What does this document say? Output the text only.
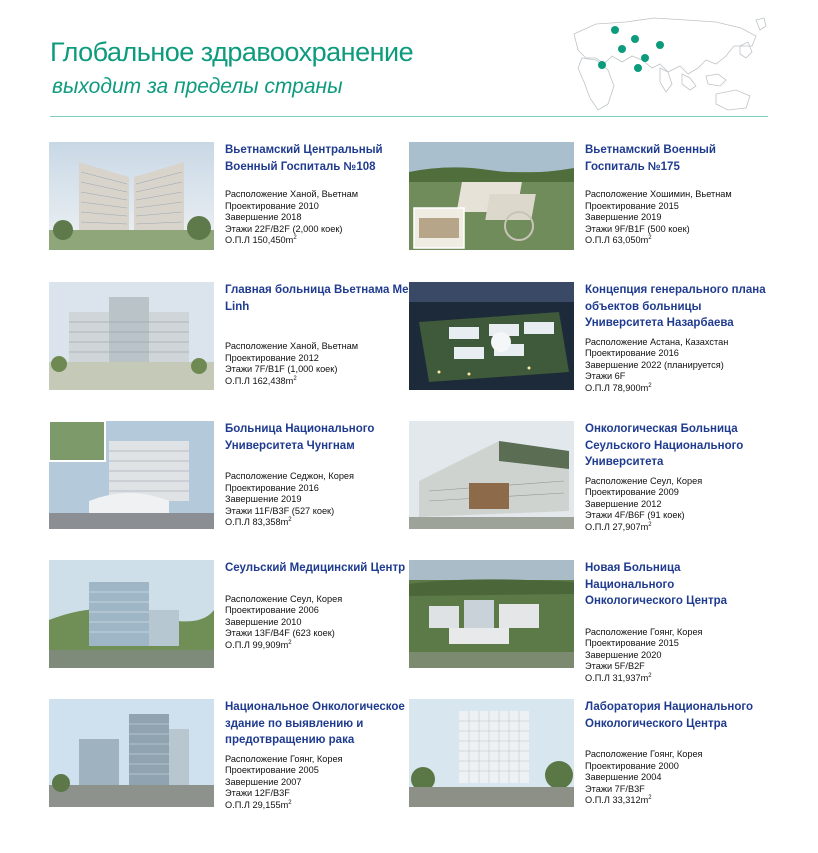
Глобальное здравоохранение
выходит за пределы страны
Вьетнамский Центральный Военный Госпиталь №108
Расположение Ханой, Вьетнам
Проектирование 2010
Завершение 2018
Этажи 22F/B2F (2,000 коек)
О.П.Л $150,450m^2$
Вьетнамский Военный Госпиталь №175
Расположение Хошимин, Вьетнам
Проектирование 2015
Завершение 2019
Этажи 9F/B1F (500 коек)
О.П.Л $63,050m^2$
Главная больница Вьетнама Me Linh
Расположение Ханой, Вьетнам
Проектирование 2012
Этажи 7F/B1F (1,000 коек)
О.П.Л $162,438m^2$
Концепция генерального плана объектов больницы Университета Назарбаева
Расположение Астана, Казахстан
Проектирование 2016
Завершение 2022 (планируется)
Этажи 6F
О.П.Л $78,900m^2$
Больница Национального Университета Чунгнам
Расположение Седжон, Корея
Проектирование 2016
Завершение 2019
Этажи 11F/B3F (527 коек)
О.П.Л $83,358m^2$
Онкологическая Больница Сеульского Национального Университета
Расположение Сеул, Корея
Проектирование 2009
Завершение 2012
Этажи 4F/B6F (91 коек)
О.П.Л $27,907m^2$
Сеульский Медицинский Центр
Расположение Сеул, Корея
Проектирование 2006
Завершение 2010
Этажи 13F/B4F (623 коек)
О.П.Л $99,909m^2$
Новая Больница Национального Онкологического Центра
Расположение Гоянг, Корея
Проектирование 2015
Завершение 2020
Этажи 5F/B2F
О.П.Л $31,937m^2$
Национальное Онкологическое здание по выявлению и предотвращению рака
Расположение Гоянг, Корея
Проектирование 2005
Завершение 2007
Этажи 12F/B3F
О.П.Л $29,155m^2$
Лаборатория Национального Онкологического Центра
Расположение Гоянг, Корея
Проектирование 2000
Завершение 2004
Этажи 7F/B3F
О.П.Л $33,312m^2$
